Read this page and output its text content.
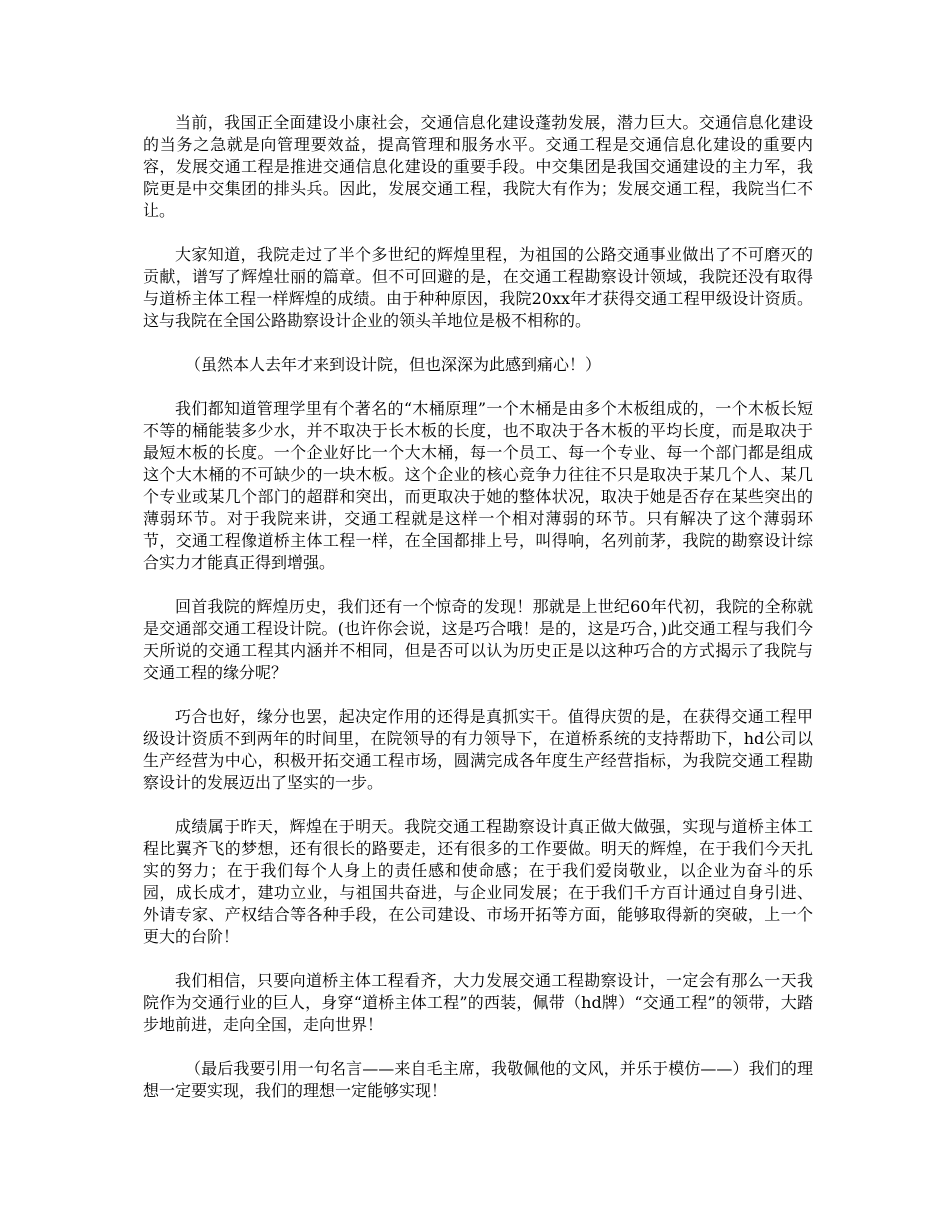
当前，我国正全面建设小康社会，交通信息化建设蓬勃发展，潜力巨大。交通信息化建设的当务之急就是向管理要效益，提高管理和服务水平。交通工程是交通信息化建设的重要内容，发展交通工程是推进交通信息化建设的重要手段。中交集团是我国交通建设的主力军，我院更是中交集团的排头兵。因此，发展交通工程，我院大有作为；发展交通工程，我院当仁不让。

大家知道，我院走过了半个多世纪的辉煌里程，为祖国的公路交通事业做出了不可磨灭的贡献，谱写了辉煌壮丽的篇章。但不可回避的是，在交通工程勘察设计领域，我院还没有取得与道桥主体工程一样辉煌的成绩。由于种种原因，我院20xx年才获得交通工程甲级设计资质。这与我院在全国公路勘察设计企业的领头羊地位是极不相称的。

（虽然本人去年才来到设计院，但也深深为此感到痛心！）

我们都知道管理学里有个著名的“木桶原理”一个木桶是由多个木板组成的，一个木板长短不等的桶能装多少水，并不取决于长木板的长度，也不取决于各木板的平均长度，而是取决于最短木板的长度。一个企业好比一个大木桶，每一个员工、每一个专业、每一个部门都是组成这个大木桶的不可缺少的一块木板。这个企业的核心竞争力往往不只是取决于某几个人、某几个专业或某几个部门的超群和突出，而更取决于她的整体状况，取决于她是否存在某些突出的薄弱环节。对于我院来讲，交通工程就是这样一个相对薄弱的环节。只有解决了这个薄弱环节，交通工程像道桥主体工程一样，在全国都排上号，叫得响，名列前茅，我院的勘察设计综合实力才能真正得到增强。

回首我院的辉煌历史，我们还有一个惊奇的发现！那就是上世纪60年代初，我院的全称就是交通部交通工程设计院。(也许你会说，这是巧合哦！是的，这是巧合，)此交通工程与我们今天所说的交通工程其内涵并不相同，但是否可以认为历史正是以这种巧合的方式揭示了我院与交通工程的缘分呢？

巧合也好，缘分也罢，起决定作用的还得是真抓实干。值得庆贺的是，在获得交通工程甲级设计资质不到两年的时间里，在院领导的有力领导下，在道桥系统的支持帮助下，hd公司以生产经营为中心，积极开拓交通工程市场，圆满完成各年度生产经营指标，为我院交通工程勘察设计的发展迈出了坚实的一步。

成绩属于昨天，辉煌在于明天。我院交通工程勘察设计真正做大做强，实现与道桥主体工程比翼齐飞的梦想，还有很长的路要走，还有很多的工作要做。明天的辉煌，在于我们今天扎实的努力；在于我们每个人身上的责任感和使命感；在于我们爱岗敬业，以企业为奋斗的乐园，成长成才，建功立业，与祖国共奋进，与企业同发展；在于我们千方百计通过自身引进、外请专家、产权结合等各种手段，在公司建设、市场开拓等方面，能够取得新的突破，上一个更大的台阶！

我们相信，只要向道桥主体工程看齐，大力发展交通工程勘察设计，一定会有那么一天我院作为交通行业的巨人，身穿“道桥主体工程”的西装，佩带（hd牌）“交通工程”的领带，大踏步地前进，走向全国，走向世界！

（最后我要引用一句名言——来自毛主席，我敬佩他的文风，并乐于模仿——）我们的理想一定要实现，我们的理想一定能够实现！
